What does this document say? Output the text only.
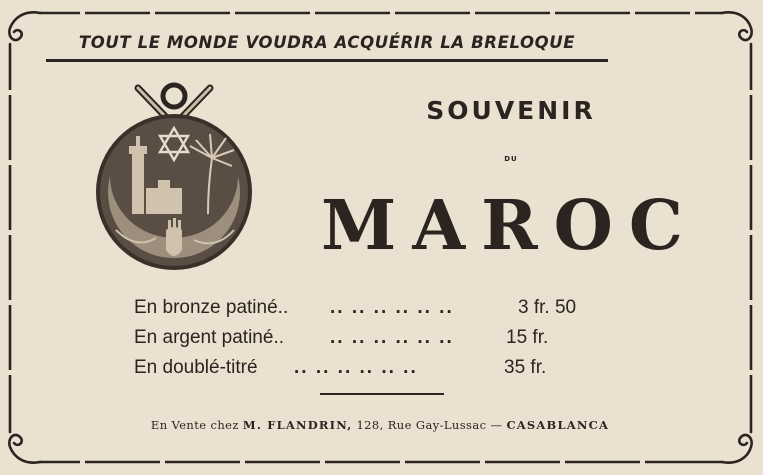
TOUT LE MONDE VOUDRA ACQUÉRIR LA BRELOQUE
SOUVENIR
DU
MAROC
En bronze patiné.. .. .. .. .. .. ..	3 fr. 50
En argent patiné.. .. .. .. .. .. ..	15 fr.
En doublé-titré .. .. .. .. .. ..	35 fr.
En Vente chez M. FLANDRIN, 128, Rue Gay-Lussac — CASABLANCA
